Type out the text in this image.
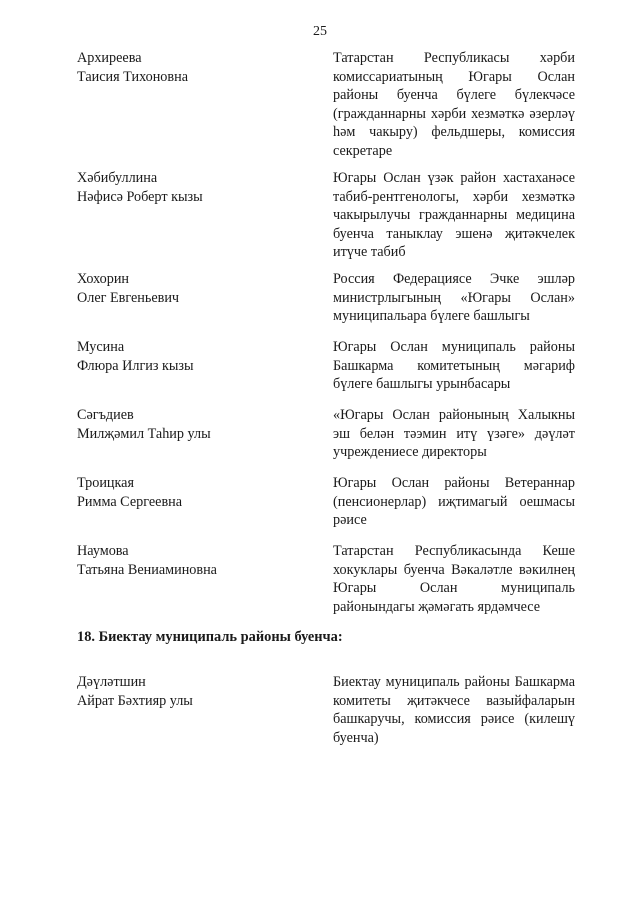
25
Архиреева
Таисия Тихоновна
Татарстан Республикасы хәрби комиссариатының Югары Ослан районы буенча бүлеге бүлекчәсе (гражданнарны хәрби хезмәткә әзерләү һәм чакыру) фельдшеры, комиссия секретаре
Хәбибуллина
Нәфисә Роберт кызы
Югары Ослан үзәк район хастаханәсе табиб-рентгенологы, хәрби хезмәткә чакырылучы гражданнарны медицина буенча таныклау эшенә җитәкчелек итүче табиб
Хохорин
Олег Евгеньевич
Россия Федерациясе Эчке эшләр министрлыгының «Югары Ослан» муниципальара бүлеге башлыгы
Мусина
Флюра Илгиз кызы
Югары Ослан муниципаль районы Башкарма комитетының мәгариф бүлеге башлыгы урынбасары
Сәгъдиев
Милҗәмил Таһир улы
«Югары Ослан районының Халыкны эш белән тәэмин итү үзәге» дәүләт учреждениесе директоры
Троицкая
Римма Сергеевна
Югары Ослан районы Ветераннар (пенсионерлар) иҗтимагый оешмасы рәисе
Наумова
Татьяна Вениаминовна
Татарстан Республикасында Кеше хокуклары буенча Вәкаләтле вәкилнең Югары Ослан муниципаль районындагы җәмәгать ярдәмчесе
18. Биектау муниципаль районы буенча:
Дәүләтшин
Айрат Бәхтияр улы
Биектау муниципаль районы Башкарма комитеты җитәкчесе вазыйфаларын башкаручы, комиссия рәисе (килешү буенча)
